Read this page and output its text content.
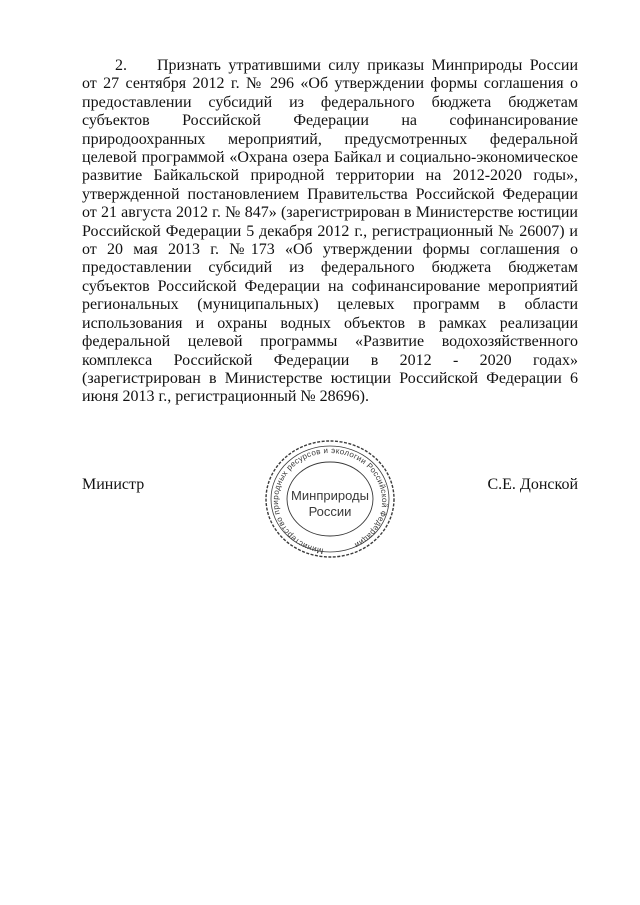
2. Признать утратившими силу приказы Минприроды России от 27 сентября 2012 г. № 296 «Об утверждении формы соглашения о предоставлении субсидий из федерального бюджета бюджетам субъектов Российской Федерации на софинансирование природоохранных мероприятий, предусмотренных федеральной целевой программой «Охрана озера Байкал и социально-экономическое развитие Байкальской природной территории на 2012-2020 годы», утвержденной постановлением Правительства Российской Федерации от 21 августа 2012 г. № 847» (зарегистрирован в Министерстве юстиции Российской Федерации 5 декабря 2012 г., регистрационный № 26007) и от 20 мая 2013 г. №173 «Об утверждении формы соглашения о предоставлении субсидий из федерального бюджета бюджетам субъектов Российской Федерации на софинансирование мероприятий региональных (муниципальных) целевых программ в области использования и охраны водных объектов в рамках реализации федеральной целевой программы «Развитие водохозяйственного комплекса Российской Федерации в 2012 - 2020 годах» (зарегистрирован в Министерстве юстиции Российской Федерации 6 июня 2013 г., регистрационный № 28696).

Министр
Министерство природных ресурсов и экологии Российской Федерации
Минприроды
России
С.Е. Донской
